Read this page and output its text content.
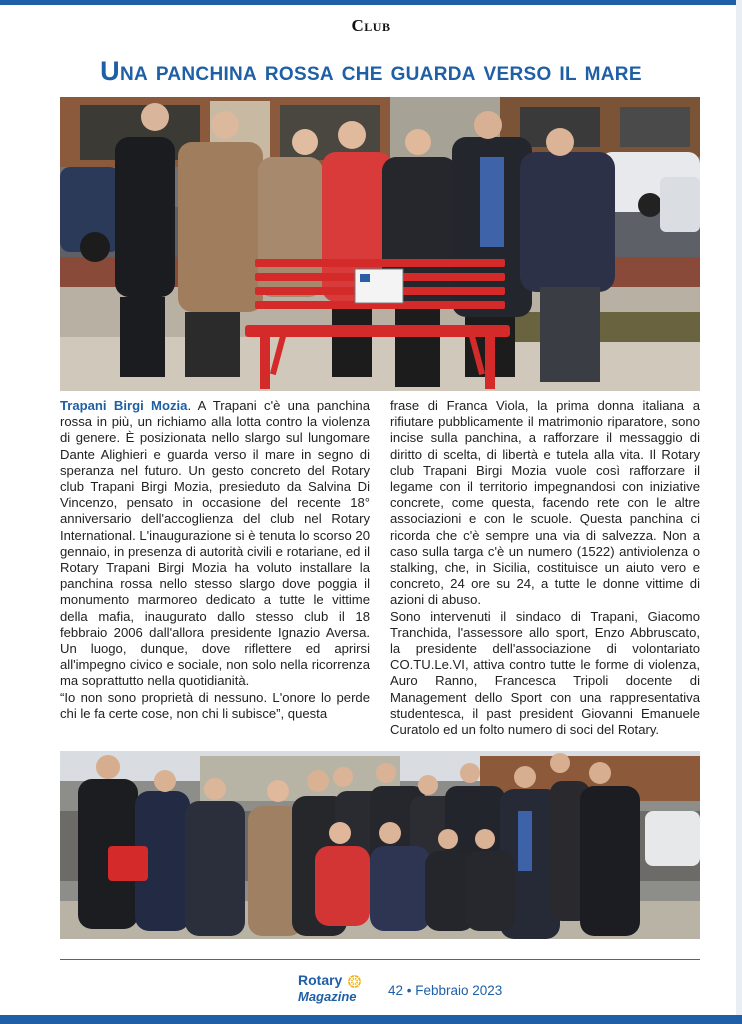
Club
Una panchina rossa che guarda verso il mare

Trapani Birgi Mozia. A Trapani c'è una panchina rossa in più, un richiamo alla lotta contro la violenza di genere. È posizionata nello slargo sul lungomare Dante Alighieri e guarda verso il mare in segno di speranza nel futuro. Un gesto concreto del Rotary club Trapani Birgi Mozia, presieduto da Salvina Di Vincenzo, pensato in occasione del recente 18° anniversario dell'accoglienza del club nel Rotary International. L'inaugurazione si è tenuta lo scorso 20 gennaio, in presenza di autorità civili e rotariane, ed il Rotary Trapani Birgi Mozia ha voluto installare la panchina rossa nello stesso slargo dove poggia il monumento marmoreo dedicato a tutte le vittime della mafia, inaugurato dallo stesso club il 18 febbraio 2006 dall'allora presidente Ignazio Aversa. Un luogo, dunque, dove riflettere ed aprirsi all'impegno civico e sociale, non solo nella ricorrenza ma soprattutto nella quotidianità.

“Io non sono proprietà di nessuno. L'onore lo perde chi le fa certe cose, non chi li subisce”, questa

frase di Franca Viola, la prima donna italiana a rifiutare pubblicamente il matrimonio riparatore, sono incise sulla panchina, a rafforzare il messaggio di diritto di scelta, di libertà e tutela alla vita. Il Rotary club Trapani Birgi Mozia vuole così rafforzare il legame con il territorio impegnandosi con iniziative concrete, come questa, facendo rete con le altre associazioni e con le scuole. Questa panchina ci ricorda che c'è sempre una via di salvezza. Non a caso sulla targa c'è un numero (1522) antiviolenza o stalking, che, in Sicilia, costituisce un aiuto vero e concreto, 24 ore su 24, a tutte le donne vittime di azioni di abuso.

Sono intervenuti il sindaco di Trapani, Giacomo Tranchida, l'assessore allo sport, Enzo Abbruscato, la presidente dell'associazione di volontariato CO.TU.Le.VI, attiva contro tutte le forme di violenza, Auro Ranno, Francesca Tripoli docente di Management dello Sport con una rappresentativa studentesca, il past president Giovanni Emanuele Curatolo ed un folto numero di soci del Rotary.

Rotary
Magazine 42 • Febbraio 2023
